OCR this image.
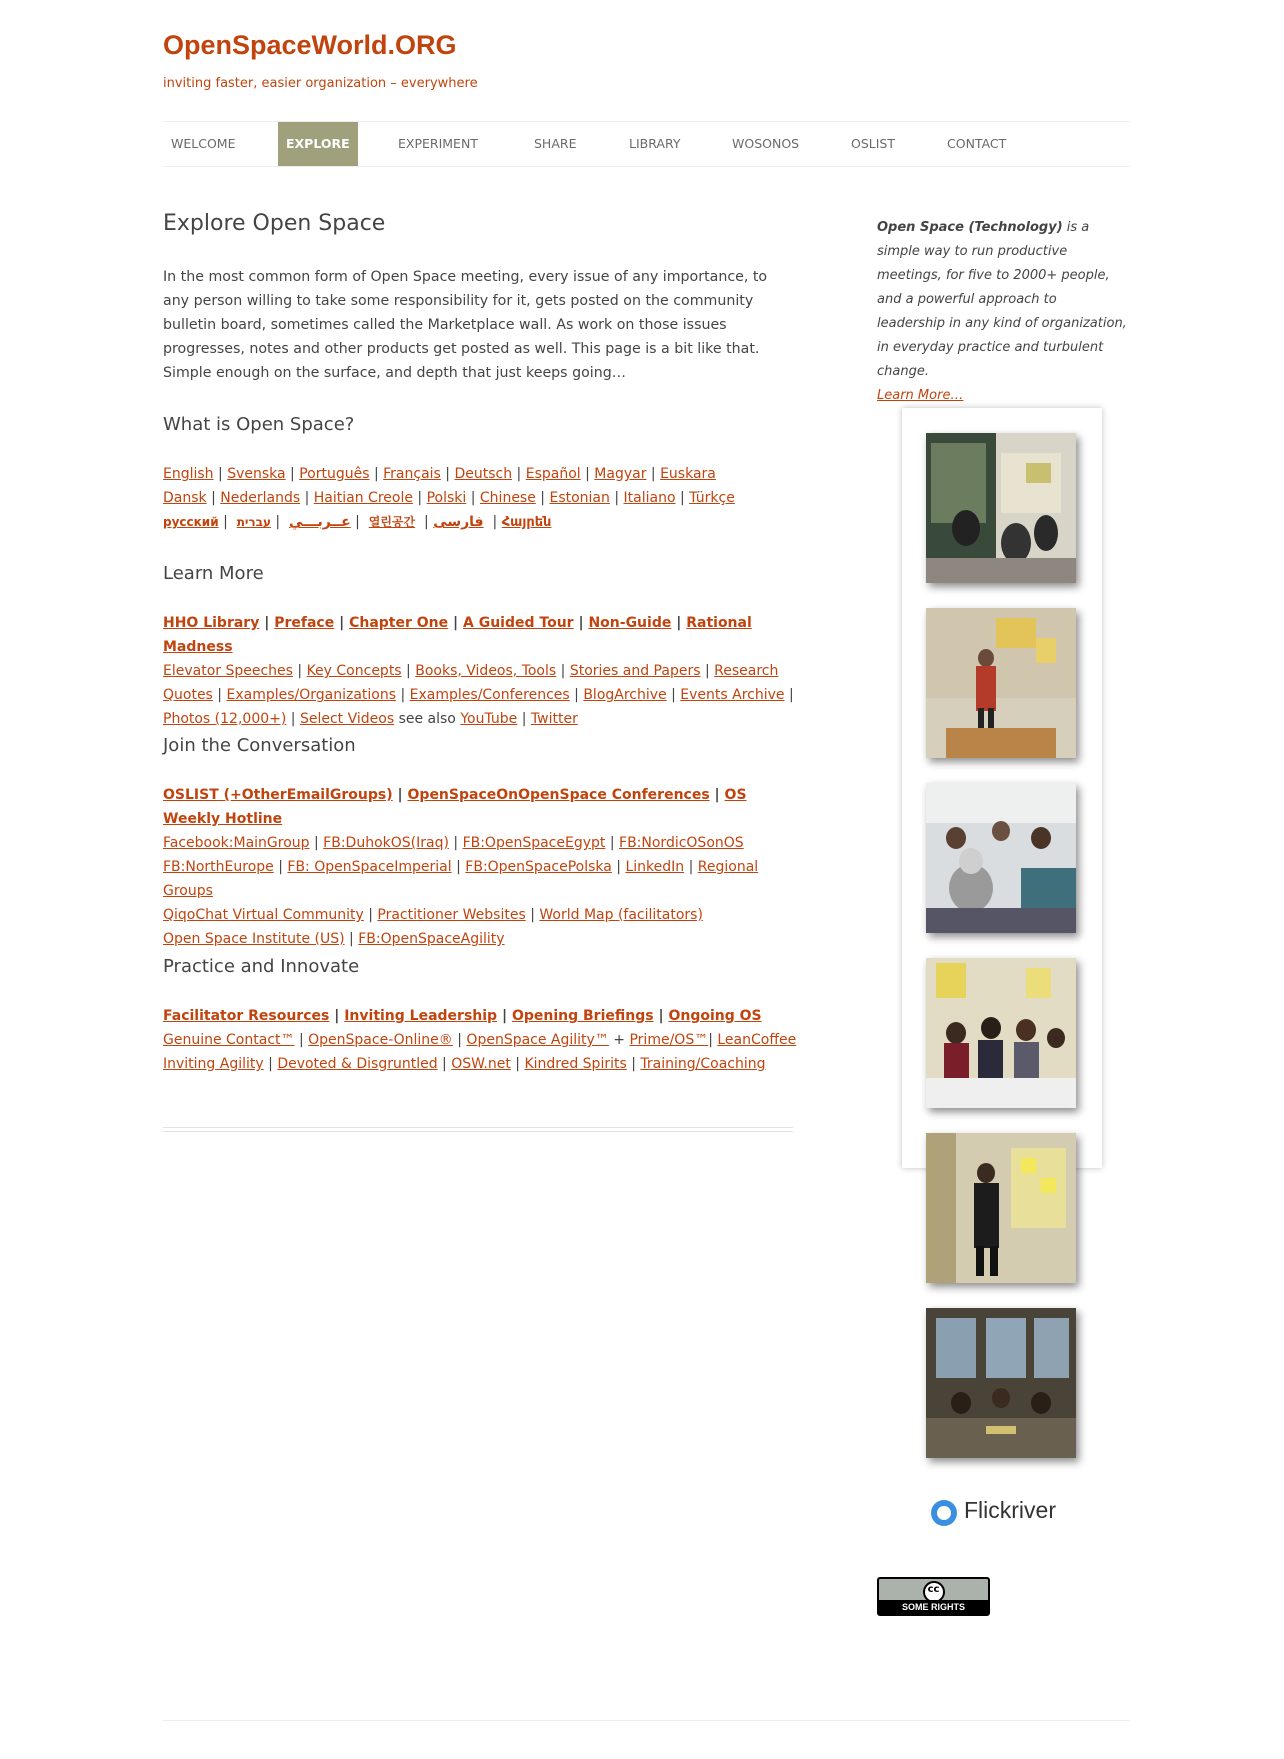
OpenSpaceWorld.ORG
inviting faster, easier organization – everywhere
WELCOME	EXPLORE	EXPERIMENT	SHARE	LIBRARY	WOSONOS	OSLIST	CONTACT
Explore Open Space

In the most common form of Open Space meeting, every issue of any importance, to any person willing to take some responsibility for it, gets posted on the community bulletin board, sometimes called the Marketplace wall. As work on those issues progresses, notes and other products get posted as well. This page is a bit like that. Simple enough on the surface, and depth that just keeps going…

What is Open Space?

English | Svenska | Português | Français | Deutsch | Español | Magyar | Euskara
Dansk | Nederlands | Haitian Creole | Polski | Chinese | Estonian | Italiano | Türkçe
русский |	عــربـــي  | עברית	| 열린공간 | فارسی | Հայրեն

Learn More

HHO Library | Preface | Chapter One | A Guided Tour | Non-Guide | Rational Madness
Elevator Speeches | Key Concepts | Books, Videos, Tools | Stories and Papers | Research Quotes | Examples/Organizations | Examples/Conferences | BlogArchive | Events Archive |
Photos (12,000+) | Select Videos see also YouTube | Twitter

Join the Conversation

OSLIST (+OtherEmailGroups) | OpenSpaceOnOpenSpace Conferences | OS Weekly Hotline
Facebook:MainGroup | FB:DuhokOS(Iraq) | FB:OpenSpaceEgypt | FB:NordicOSonOS
FB:NorthEurope | FB: OpenSpaceImperial | FB:OpenSpacePolska | LinkedIn | Regional Groups
QiqoChat Virtual Community | Practitioner Websites | World Map (facilitators)
Open Space Institute (US) | FB:OpenSpaceAgility

Practice and Innovate

Facilitator Resources | Inviting Leadership | Opening Briefings | Ongoing OS
Genuine Contact™ | OpenSpace-Online® | OpenSpace Agility™ + Prime/OS™| LeanCoffee
Inviting Agility | Devoted & Disgruntled | OSW.net | Kindred Spirits | Training/Coaching

Open Space (Technology) is a simple way to run productive meetings, for five to 2000+ people, and a powerful approach to leadership in any kind of organization, in everyday practice and turbulent change.
Learn More…

Flickriver
cc
SOME RIGHTS RESERVED
